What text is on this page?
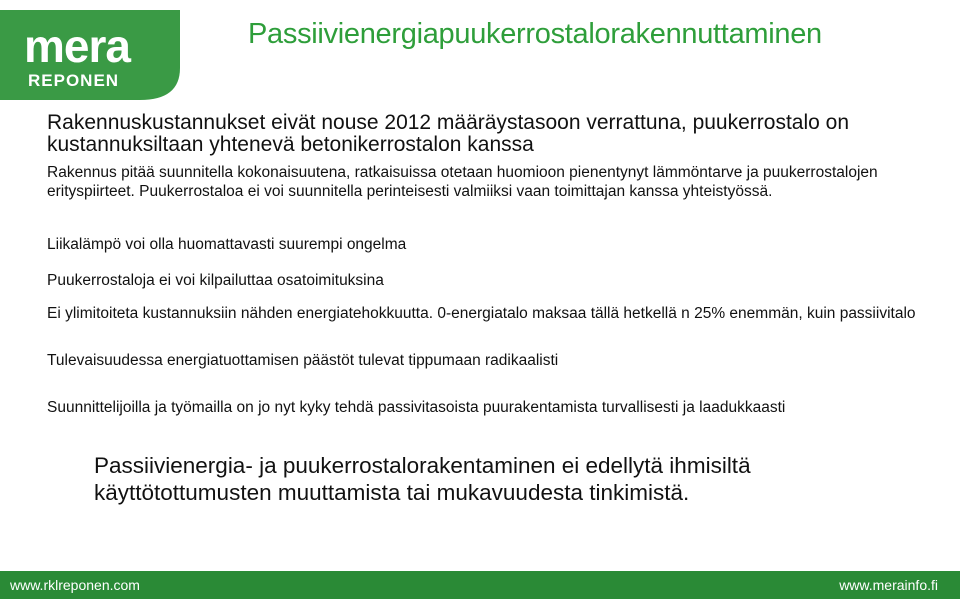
mera
REPONEN
Passiivienergiapuukerrostalorakennuttaminen
Rakennuskustannukset eivät nouse 2012 määräystasoon verrattuna, puukerrostalo on kustannuksiltaan yhtenevä betonikerrostalon kanssa
Rakennus pitää suunnitella kokonaisuutena, ratkaisuissa otetaan huomioon pienentynyt lämmöntarve ja puukerrostalojen erityspiirteet. Puukerrostaloa ei voi suunnitella perinteisesti valmiiksi vaan toimittajan kanssa yhteistyössä.
Liikalämpö voi olla huomattavasti suurempi ongelma
Puukerrostaloja ei voi kilpailuttaa osatoimituksina
Ei ylimitoiteta kustannuksiin nähden energiatehokkuutta. 0-energiatalo maksaa tällä hetkellä n 25% enemmän, kuin passiivitalo
Tulevaisuudessa energiatuottamisen päästöt tulevat tippumaan radikaalisti
Suunnittelijoilla ja työmailla on jo nyt kyky tehdä passivitasoista puurakentamista turvallisesti ja laadukkaasti
Passiivienergia- ja puukerrostalorakentaminen ei edellytä ihmisiltä käyttötottumusten muuttamista tai mukavuudesta tinkimistä.
www.rklreponen.com	www.merainfo.fi
